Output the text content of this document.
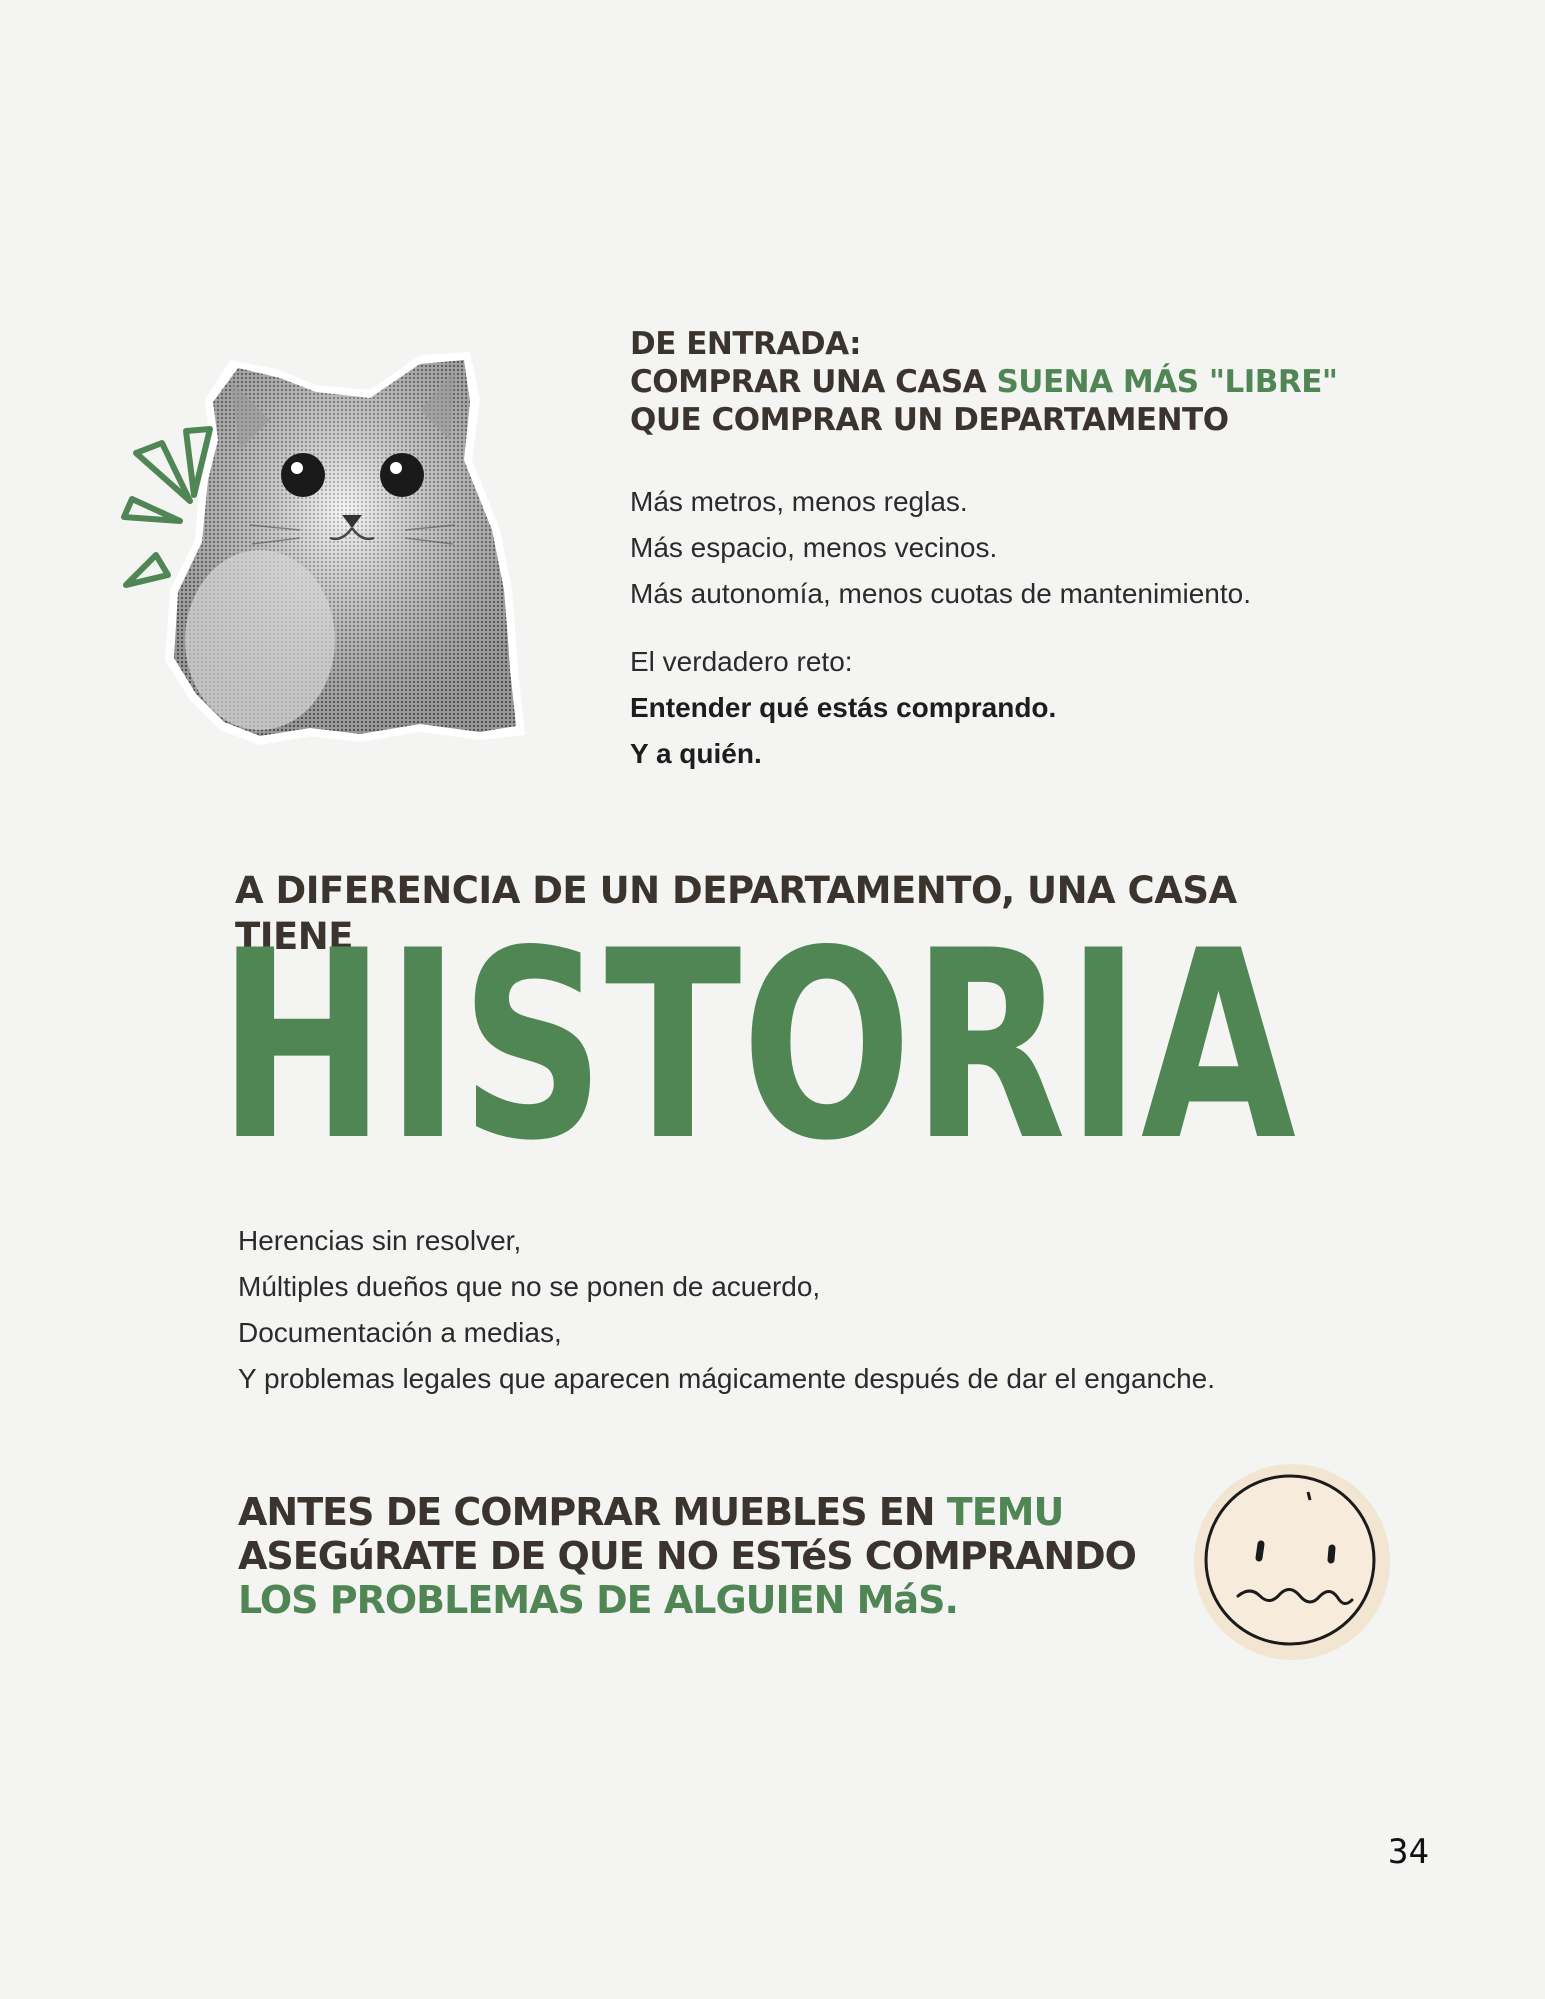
DE ENTRADA:
COMPRAR UNA CASA SUENA MÁS "LIBRE"
QUE COMPRAR UN DEPARTAMENTO
Más metros, menos reglas.
Más espacio, menos vecinos.
Más autonomía, menos cuotas de mantenimiento.
El verdadero reto:
Entender qué estás comprando.
Y a quién.
A DIFERENCIA DE UN DEPARTAMENTO, UNA CASA TIENE
HISTORIA
Herencias sin resolver,
Múltiples dueños que no se ponen de acuerdo,
Documentación a medias,
Y problemas legales que aparecen mágicamente después de dar el enganche.
ANTES DE COMPRAR MUEBLES EN TEMU
ASEGúRATE DE QUE NO ESTéS COMPRANDO
LOS PROBLEMAS DE ALGUIEN MáS.
34
